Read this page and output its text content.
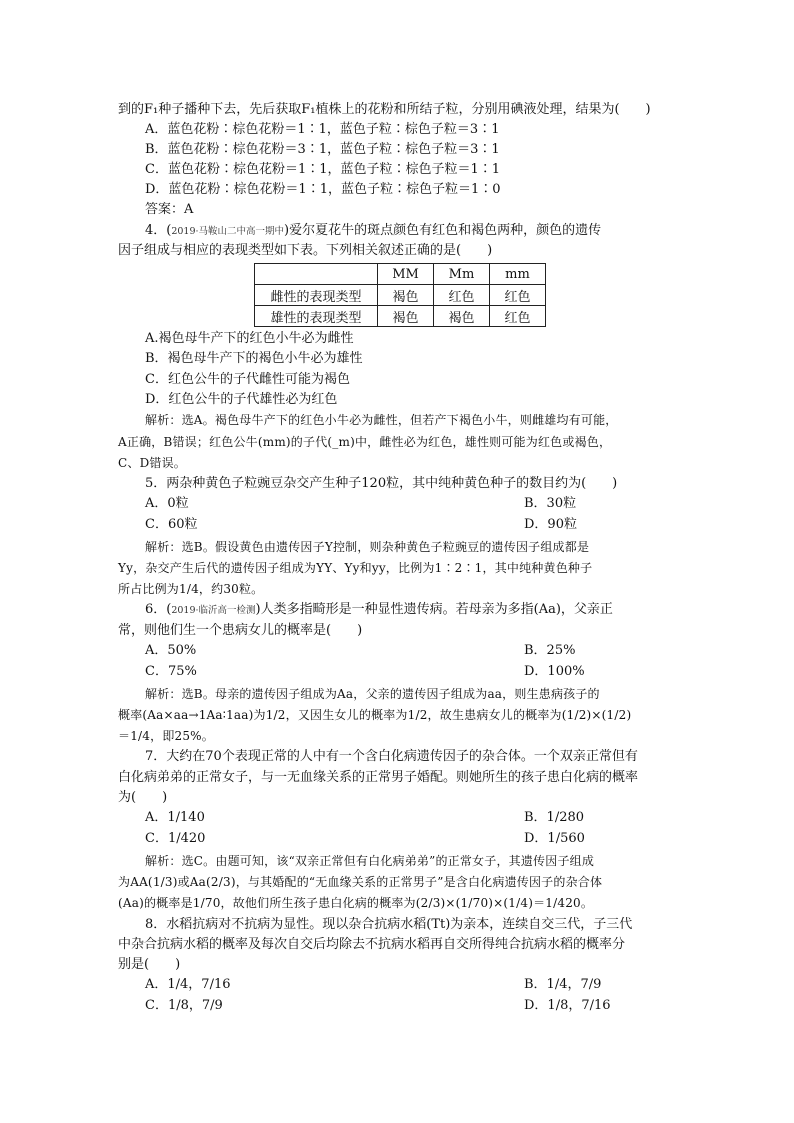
到的F₁种子播种下去，先后获取F₁植株上的花粉和所结子粒，分别用碘液处理，结果为(　　)
A．蓝色花粉∶棕色花粉＝1∶1，蓝色子粒∶棕色子粒＝3∶1
B．蓝色花粉∶棕色花粉＝3∶1，蓝色子粒∶棕色子粒＝3∶1
C．蓝色花粉∶棕色花粉＝1∶1，蓝色子粒∶棕色子粒＝1∶1
D．蓝色花粉∶棕色花粉＝1∶1，蓝色子粒∶棕色子粒＝1∶0
答案：A
4．(2019·马鞍山二中高一期中)爱尔夏花牛的斑点颜色有红色和褐色两种，颜色的遗传
因子组成与相应的表现类型如下表。下列相关叙述正确的是(　　)
	MM	Mm	mm
雌性的表现类型	褐色	红色	红色
雄性的表现类型	褐色	褐色	红色
A.褐色母牛产下的红色小牛必为雌性
B．褐色母牛产下的褐色小牛必为雄性
C．红色公牛的子代雌性可能为褐色
D．红色公牛的子代雄性必为红色
解析：选A。褐色母牛产下的红色小牛必为雌性，但若产下褐色小牛，则雌雄均有可能，
A正确，B错误；红色公牛(mm)的子代(_m)中，雌性必为红色，雄性则可能为红色或褐色，
C、D错误。
5．两杂种黄色子粒豌豆杂交产生种子120粒，其中纯种黄色种子的数目约为(　　)
A．0粒	B．30粒
C．60粒	D．90粒
解析：选B。假设黄色由遗传因子Y控制，则杂种黄色子粒豌豆的遗传因子组成都是
Yy，杂交产生后代的遗传因子组成为YY、Yy和yy，比例为1∶2∶1，其中纯种黄色种子
所占比例为1/4，约30粒。
6．(2019·临沂高一检测)人类多指畸形是一种显性遗传病。若母亲为多指(Aa)，父亲正
常，则他们生一个患病女儿的概率是(　　)
A．50%	B．25%
C．75%	D．100%
解析：选B。母亲的遗传因子组成为Aa，父亲的遗传因子组成为aa，则生患病孩子的
概率(Aa×aa→1Aa∶1aa)为1/2，又因生女儿的概率为1/2，故生患病女儿的概率为(1/2)×(1/2)
＝1/4，即25%。
7．大约在70个表现正常的人中有一个含白化病遗传因子的杂合体。一个双亲正常但有
白化病弟弟的正常女子，与一无血缘关系的正常男子婚配。则她所生的孩子患白化病的概率
为(　　)
A．1/140	B．1/280
C．1/420	D．1/560
解析：选C。由题可知，该“双亲正常但有白化病弟弟”的正常女子，其遗传因子组成
为AA(1/3)或Aa(2/3)，与其婚配的“无血缘关系的正常男子”是含白化病遗传因子的杂合体
(Aa)的概率是1/70，故他们所生孩子患白化病的概率为(2/3)×(1/70)×(1/4)＝1/420。
8．水稻抗病对不抗病为显性。现以杂合抗病水稻(Tt)为亲本，连续自交三代，子三代
中杂合抗病水稻的概率及每次自交后均除去不抗病水稻再自交所得纯合抗病水稻的概率分
别是(　　)
A．1/4，7/16	B．1/4，7/9
C．1/8，7/9	D．1/8，7/16
